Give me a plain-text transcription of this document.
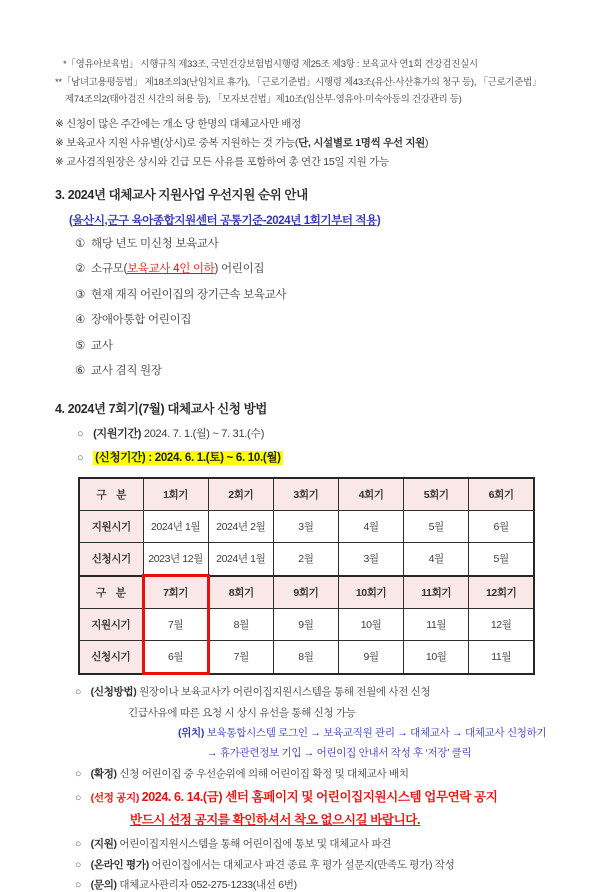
*「영유아보육법」 시행규칙 제33조, 국민건강보험법시행령 제25조 제3항 : 보육교사 연1회 건강검진실시
**「남녀고용평등법」 제18조의3(난임치료 휴가), 「근로기준법」시행령 제43조(유산·사산휴가의 청구 등), 「근로기준법」
제74조의2(태아검진 시간의 허용 등), 「모자보건법」제10조(임산부·영유아·미숙아등의 건강관리 등)
※ 신청이 많은 주간에는 개소 당 한명의 대체교사만 배정
※ 보육교사 지원 사유별(상시)로 중복 지원하는 것 가능(단, 시설별로 1명씩 우선 지원)
※ 교사겸직원장은 상시와 긴급 모든 사유를 포함하여 총 연간 15일 지원 가능
3. 2024년 대체교사 지원사업 우선지원 순위 안내
(울산시,군구 육아종합지원센터 공통기준-2024년 1회기부터 적용)
① 해당 년도 미신청 보육교사
② 소규모(보육교사 4인 이하) 어린이집
③ 현재 재직 어린이집의 장기근속 보육교사
④ 장애아통합 어린이집
⑤ 교사
⑥ 교사 겸직 원장
4. 2024년 7회기(7월) 대체교사 신청 방법
○ (지원기간) 2024. 7. 1.(월) ~ 7. 31.(수)
○ (신청기간) : 2024. 6. 1.(토) ~ 6. 10.(월)
구　분	1회기	2회기	3회기	4회기	5회기	6회기
지원시기	2024년 1월	2024년 2월	3월	4월	5월	6월
신청시기	2023년 12월	2024년 1월	2월	3월	4월	5월
구　분	7회기	8회기	9회기	10회기	11회기	12회기
지원시기	7월	8월	9월	10월	11월	12월
신청시기	6월	7월	8월	9월	10월	11월
○ (신청방법) 원장이나 보육교사가 어린이집지원시스템을 통해 전월에 사전 신청
긴급사유에 따른 요청 시 상시 유선을 통해 신청 가능
(위치) 보육통합시스템 로그인 → 보육교직원 관리 → 대체교사 → 대체교사 신청하기
→ 휴가관련정보 기입 → 어린이집 안내서 작성 후 ‘저장’ 클릭
○ (확정) 신청 어린이집 중 우선순위에 의해 어린이집 확정 및 대체교사 배치
○ (선정 공지) 2024. 6. 14.(금) 센터 홈페이지 및 어린이집지원시스템 업무연락 공지
반드시 선정 공지를 확인하셔서 착오 없으시길 바랍니다.
○ (지원) 어린이집지원시스템을 통해 어린이집에 통보 및 대체교사 파견
○ (온라인 평가) 어린이집에서는 대체교사 파견 종료 후 평가 설문지(만족도 평가) 작성
○ (문의) 대체교사관리자 052-275-1233(내선 6번)
